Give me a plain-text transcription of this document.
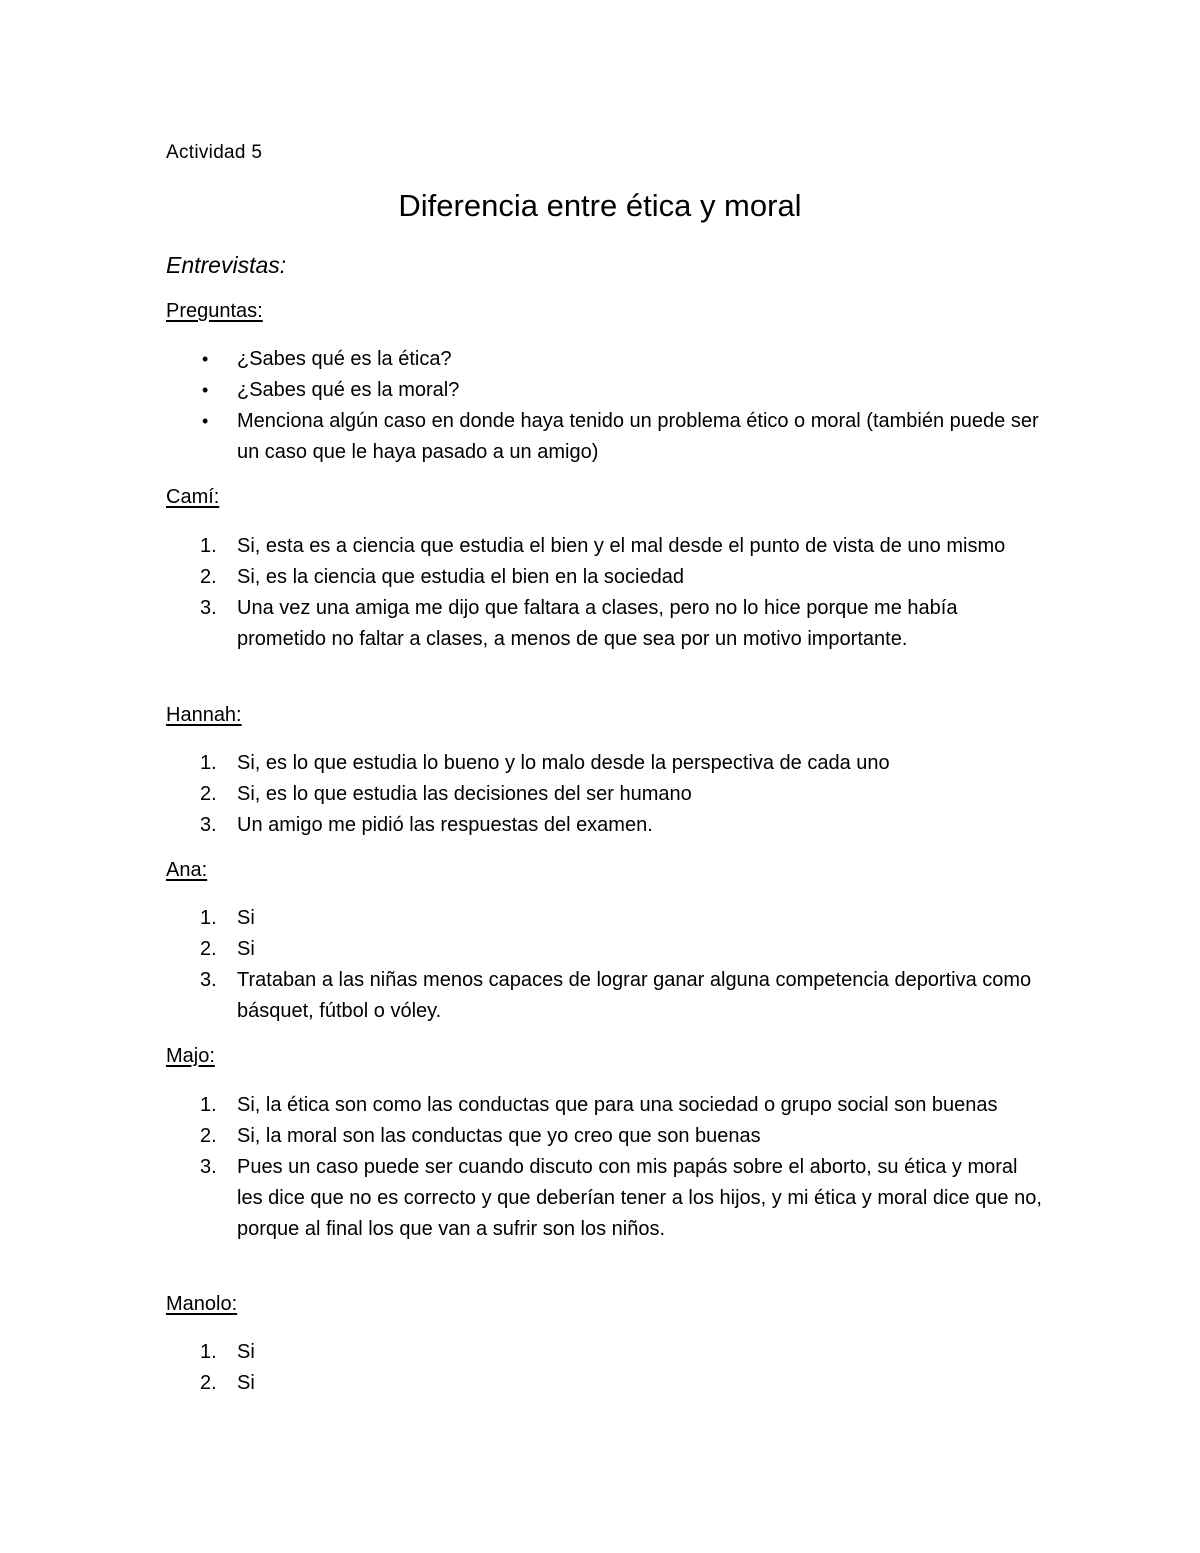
Actividad 5
Diferencia entre ética y moral
Entrevistas:
Preguntas:
•	¿Sabes qué es la ética?
•	¿Sabes qué es la moral?
•	Menciona algún caso en donde haya tenido un problema ético o moral (también puede ser un caso que le haya pasado a un amigo)
Camí:
1.	Si, esta es a ciencia que estudia el bien y el mal desde el punto de vista de uno mismo
2.	Si, es la ciencia que estudia el bien en la sociedad
3.	Una vez una amiga me dijo que faltara a clases, pero no lo hice porque me había prometido no faltar a clases, a menos de que sea por un motivo importante.
Hannah:
1.	Si, es lo que estudia lo bueno y lo malo desde la perspectiva de cada uno
2.	Si, es lo que estudia las decisiones del ser humano
3.	Un amigo me pidió las respuestas del examen.
Ana:
1.	Si
2.	Si
3.	Trataban a las niñas menos capaces de lograr ganar alguna competencia deportiva como básquet, fútbol o vóley.
Majo:
1.	Si, la ética son como las conductas que para una sociedad o grupo social son buenas
2.	Si, la moral son las conductas que yo creo que son buenas
3.	Pues un caso puede ser cuando discuto con mis papás sobre el aborto, su ética y moral les dice que no es correcto y que deberían tener a los hijos, y mi ética y moral dice que no, porque al final los que van a sufrir son los niños.
Manolo:
1.	Si
2.	Si
